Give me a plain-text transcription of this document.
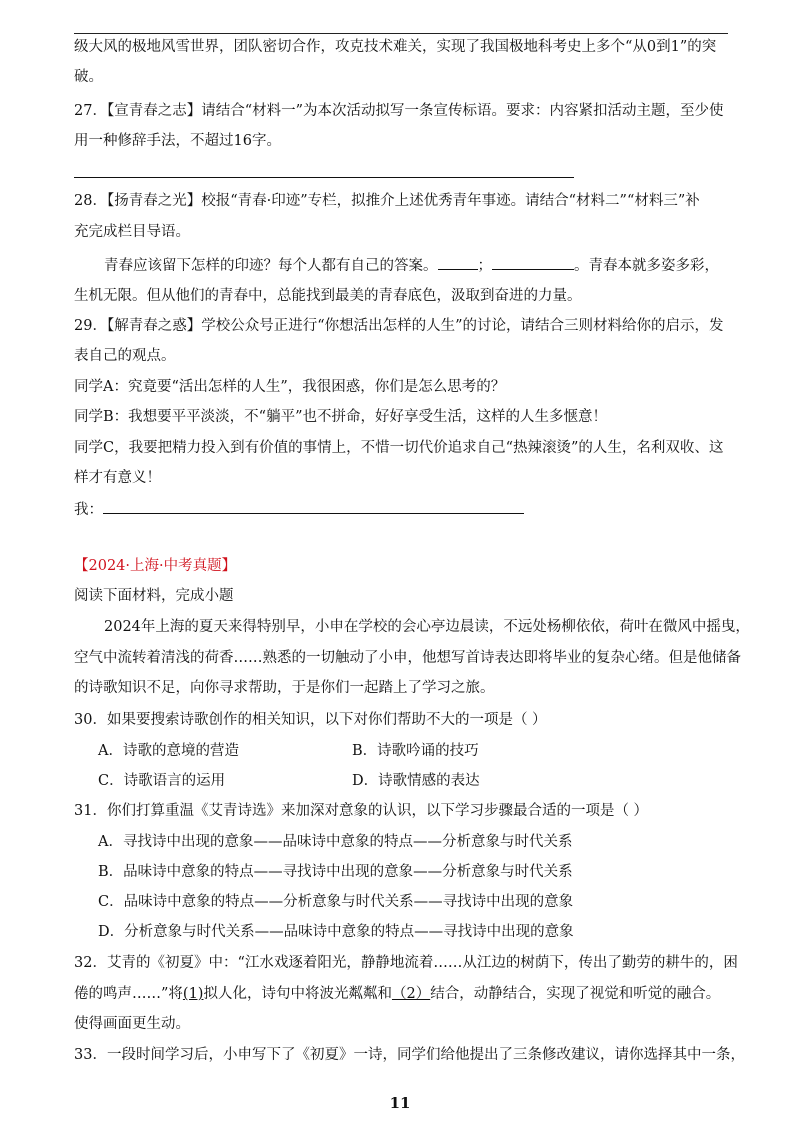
级大风的极地风雪世界，团队密切合作，攻克技术难关，实现了我国极地科考史上多个“从0到1”的突
破。
27．【宣青春之志】请结合“材料一”为本次活动拟写一条宣传标语。要求：内容紧扣活动主题，至少使
用一种修辞手法，不超过16字。
28．【扬青春之光】校报“青春·印迹”专栏，拟推介上述优秀青年事迹。请结合“材料二”“材料三”补
充完成栏目导语。
青春应该留下怎样的印迹？每个人都有自己的答案。	；	。青春本就多姿多彩，
生机无限。但从他们的青春中，总能找到最美的青春底色，汲取到奋进的力量。
29．【解青春之惑】学校公众号正进行“你想活出怎样的人生”的讨论，请结合三则材料给你的启示，发
表自己的观点。
同学A：究竟要“活出怎样的人生”，我很困惑，你们是怎么思考的？
同学B：我想要平平淡淡，不“躺平”也不拼命，好好享受生活，这样的人生多惬意！
同学C，我要把精力投入到有价值的事情上，不惜一切代价追求自己“热辣滚烫”的人生，名利双收、这
样才有意义！
我：
【2024·上海·中考真题】
阅读下面材料，完成小题
2024年上海的夏天来得特别早，小申在学校的会心亭边晨读，不远处杨柳依依，荷叶在微风中摇曳，
空气中流转着清浅的荷香……熟悉的一切触动了小申，他想写首诗表达即将毕业的复杂心绪。但是他储备
的诗歌知识不足，向你寻求帮助，于是你们一起踏上了学习之旅。
30．如果要搜索诗歌创作的相关知识，以下对你们帮助不大的一项是（ ）
A．诗歌的意境的营造	B．诗歌吟诵的技巧
C．诗歌语言的运用	D．诗歌情感的表达
31．你们打算重温《艾青诗选》来加深对意象的认识，以下学习步骤最合适的一项是（ ）
A．寻找诗中出现的意象——品味诗中意象的特点——分析意象与时代关系
B．品味诗中意象的特点——寻找诗中出现的意象——分析意象与时代关系
C．品味诗中意象的特点——分析意象与时代关系——寻找诗中出现的意象
D．分析意象与时代关系——品味诗中意象的特点——寻找诗中出现的意象
32．艾青的《初夏》中：“江水戏逐着阳光，静静地流着……从江边的树荫下，传出了勤劳的耕牛的，困
倦的鸣声……”将(1)拟人化，诗句中将波光粼粼和（2）结合，动静结合，实现了视觉和听觉的融合。
使得画面更生动。
33．一段时间学习后，小申写下了《初夏》一诗，同学们给他提出了三条修改建议，请你选择其中一条，
11
